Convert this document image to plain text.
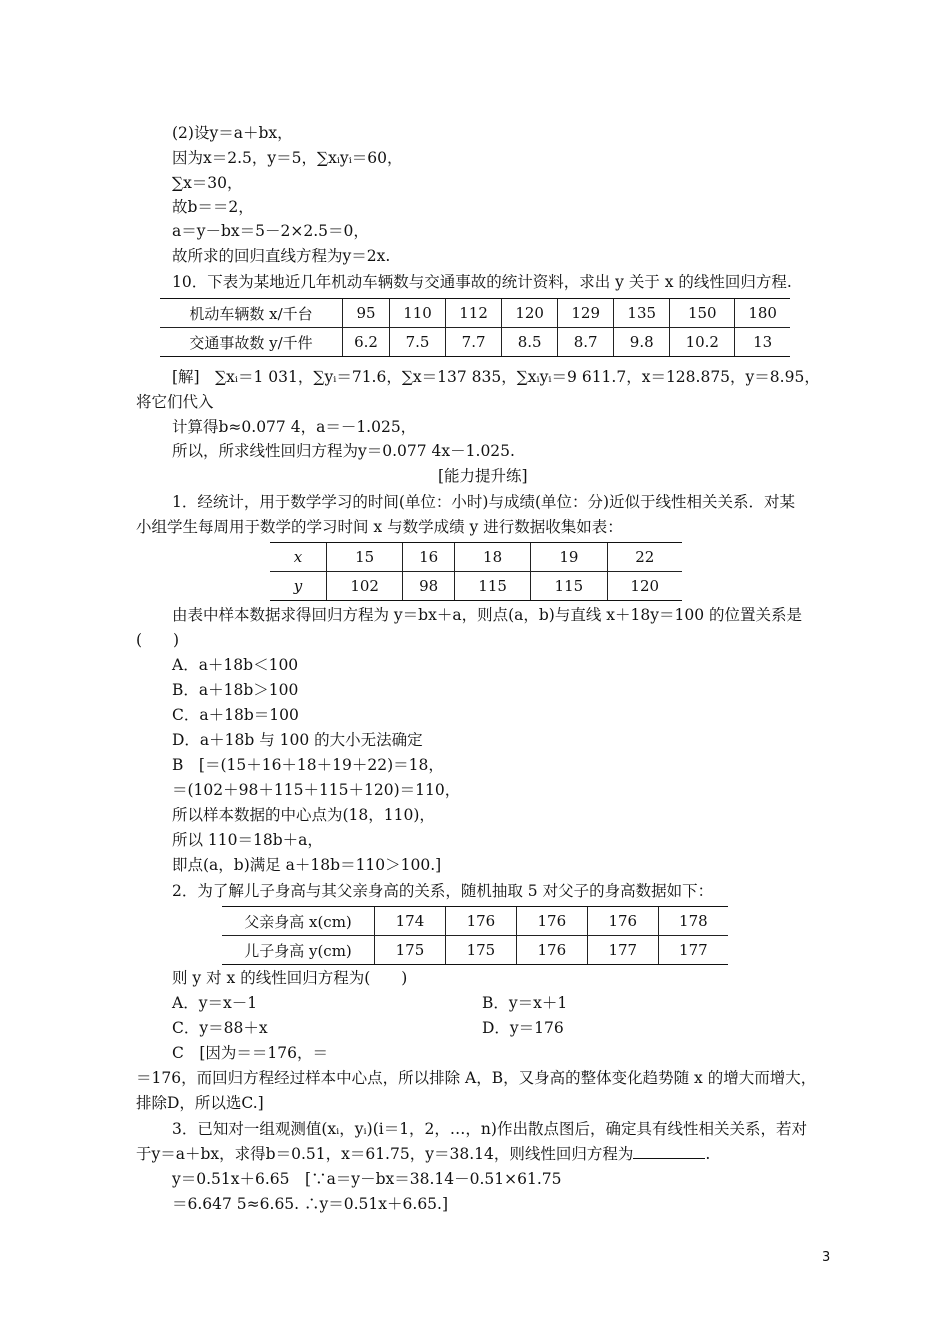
(2)设y＝a＋bx，
因为x＝2.5，y＝5，∑xᵢyᵢ＝60，
∑x＝30，
故b＝＝2，
a＝y－bx＝5－2×2.5＝0，
故所求的回归直线方程为y＝2x.
10．下表为某地近几年机动车辆数与交通事故的统计资料，求出 y 关于 x 的线性回归方程.
机动车辆数 x/千台	95	110	112	120	129	135	150	180
交通事故数 y/千件	6.2	7.5	7.7	8.5	8.7	9.8	10.2	13
[解]　∑xᵢ＝1 031，∑yᵢ＝71.6，∑x＝137 835，∑xᵢyᵢ＝9 611.7，x＝128.875，y＝8.95，
将它们代入
计算得b≈0.077 4，a＝－1.025，
所以，所求线性回归方程为y＝0.077 4x－1.025.
[能力提升练]
1．经统计，用于数学学习的时间(单位：小时)与成绩(单位：分)近似于线性相关关系．对某
小组学生每周用于数学的学习时间 x 与数学成绩 y 进行数据收集如表：
x	15	16	18	19	22
y	102	98	115	115	120
由表中样本数据求得回归方程为 y＝bx＋a，则点(a，b)与直线 x＋18y＝100 的位置关系是
(　　)
A．a＋18b＜100
B．a＋18b＞100
C．a＋18b＝100
D．a＋18b 与 100 的大小无法确定
B　[＝(15＋16＋18＋19＋22)＝18，
＝(102＋98＋115＋115＋120)＝110，
所以样本数据的中心点为(18，110)，
所以 110＝18b＋a，
即点(a，b)满足 a＋18b＝110＞100.]
2．为了解儿子身高与其父亲身高的关系，随机抽取 5 对父子的身高数据如下：
父亲身高 x(cm)	174	176	176	176	178
儿子身高 y(cm)	175	175	176	177	177
则 y 对 x 的线性回归方程为(　　)
A．y＝x－1	B．y＝x＋1
C．y＝88＋x	D．y＝176
C　[因为＝＝176，＝
＝176，而回归方程经过样本中心点，所以排除 A，B，又身高的整体变化趋势随 x 的增大而增大，
排除D，所以选C.]
3．已知对一组观测值(xᵢ，yᵢ)(i＝1，2，…，n)作出散点图后，确定具有线性相关关系，若对
于y＝a＋bx，求得b＝0.51，x＝61.75，y＝38.14，则线性回归方程为	.
y＝0.51x＋6.65　[∵a＝y－bx＝38.14－0.51×61.75
＝6.647 5≈6.65. ∴y＝0.51x＋6.65.]
3
